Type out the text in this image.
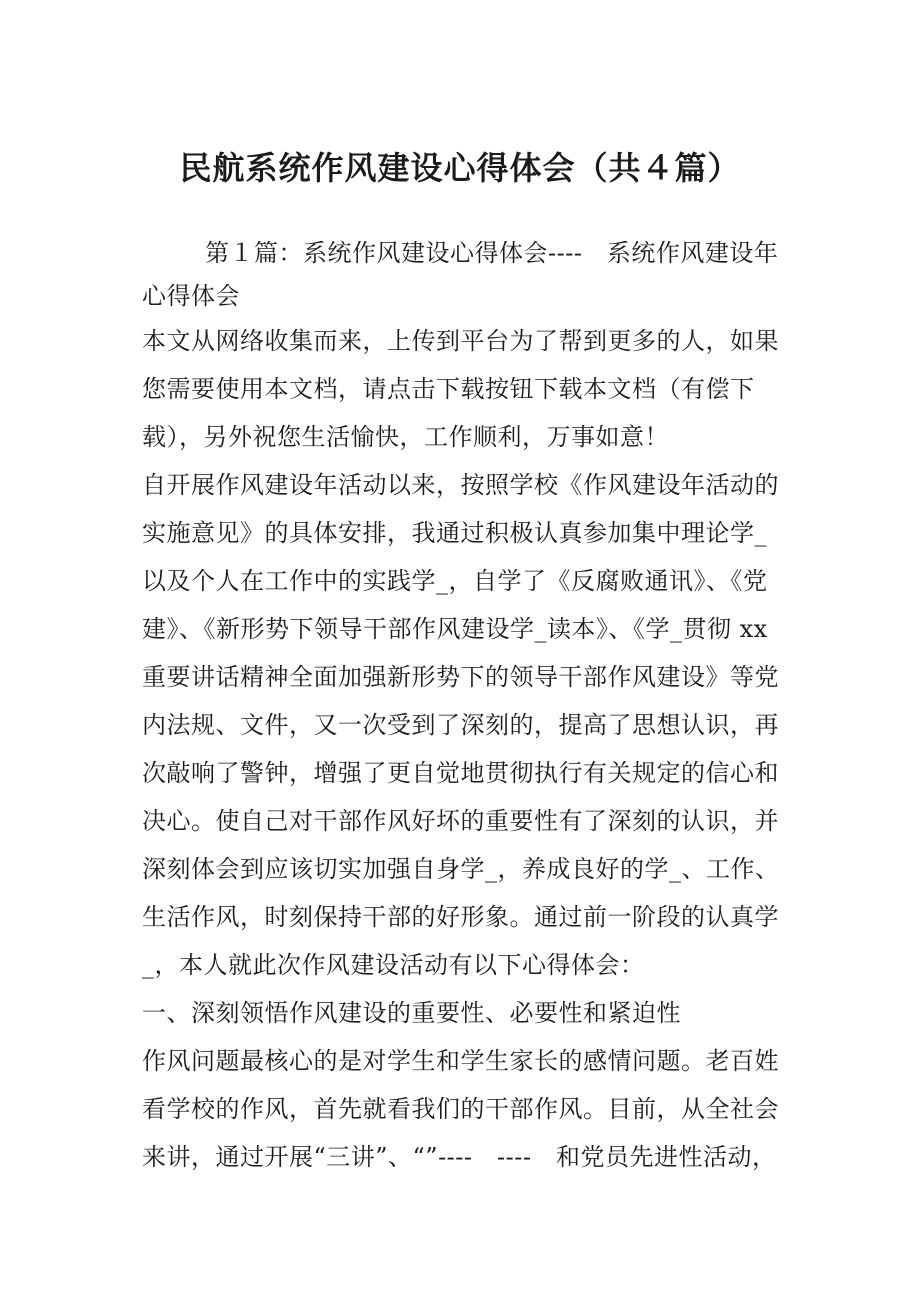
民航系统作风建设心得体会（共４篇）
第１篇：系统作风建设心得体会----　系统作风建设年
心得体会
本文从网络收集而来，上传到平台为了帮到更多的人，如果
您需要使用本文档，请点击下载按钮下载本文档（有偿下
载），另外祝您生活愉快，工作顺利，万事如意！
自开展作风建设年活动以来，按照学校《作风建设年活动的
实施意见》的具体安排，我通过积极认真参加集中理论学_
以及个人在工作中的实践学_，自学了《反腐败通讯》、《党
建》、《新形势下领导干部作风建设学_读本》、《学_贯彻 xx
重要讲话精神全面加强新形势下的领导干部作风建设》等党
内法规、文件，又一次受到了深刻的，提高了思想认识，再
次敲响了警钟，增强了更自觉地贯彻执行有关规定的信心和
决心。使自己对干部作风好坏的重要性有了深刻的认识，并
深刻体会到应该切实加强自身学_，养成良好的学_、工作、
生活作风，时刻保持干部的好形象。通过前一阶段的认真学
_，本人就此次作风建设活动有以下心得体会：
一、深刻领悟作风建设的重要性、必要性和紧迫性
作风问题最核心的是对学生和学生家长的感情问题。老百姓
看学校的作风，首先就看我们的干部作风。目前，从全社会
来讲，通过开展“三讲”、“”----　----　和党员先进性活动，
